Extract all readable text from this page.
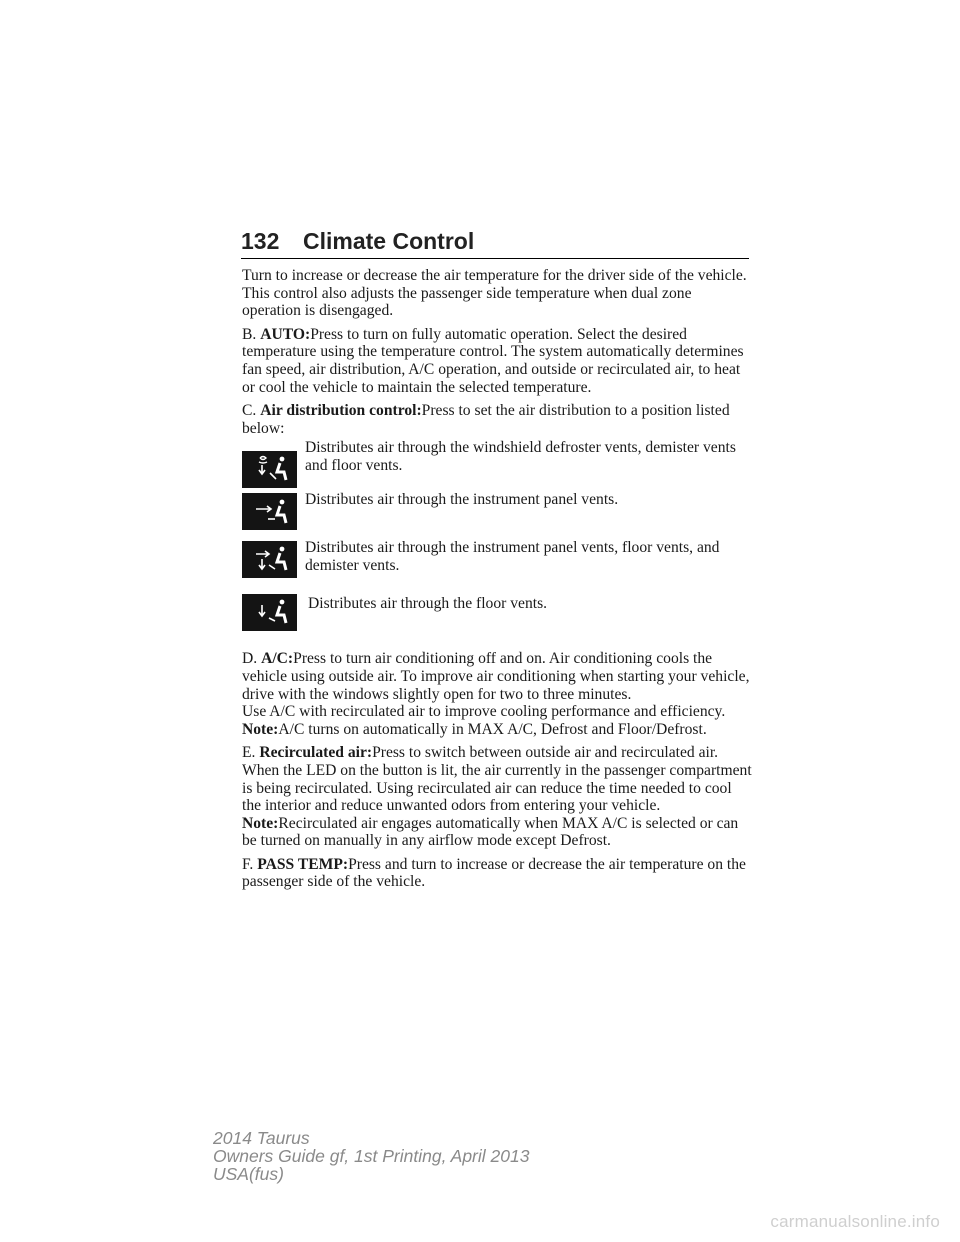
132 Climate Control

Turn to increase or decrease the air temperature for the driver side of the vehicle.

This control also adjusts the passenger side temperature when dual zone operation is disengaged.

B. AUTO:Press to turn on fully automatic operation. Select the desired temperature using the temperature control. The system automatically determines fan speed, air distribution, A/C operation, and outside or recirculated air, to heat or cool the vehicle to maintain the selected temperature.

C. Air distribution control:Press to set the air distribution to a position listed below:

Distributes air through the windshield defroster vents, demister vents and floor vents.
Distributes air through the instrument panel vents.
Distributes air through the instrument panel vents, floor vents, and demister vents.
Distributes air through the floor vents.

D. A/C:Press to turn air conditioning off and on. Air conditioning cools the vehicle using outside air. To improve air conditioning when starting your vehicle, drive with the windows slightly open for two to three minutes.

Use A/C with recirculated air to improve cooling performance and efficiency.

Note:A/C turns on automatically in MAX A/C, Defrost and Floor/Defrost.

E. Recirculated air:Press to switch between outside air and recirculated air. When the LED on the button is lit, the air currently in the passenger compartment is being recirculated. Using recirculated air can reduce the time needed to cool the interior and reduce unwanted odors from entering your vehicle.

Note:Recirculated air engages automatically when MAX A/C is selected or can be turned on manually in any airflow mode except Defrost.

F. PASS TEMP:Press and turn to increase or decrease the air temperature on the passenger side of the vehicle.

2014 Taurus
Owners Guide gf, 1st Printing, April 2013
USA(fus)
carmanualsonline.info
